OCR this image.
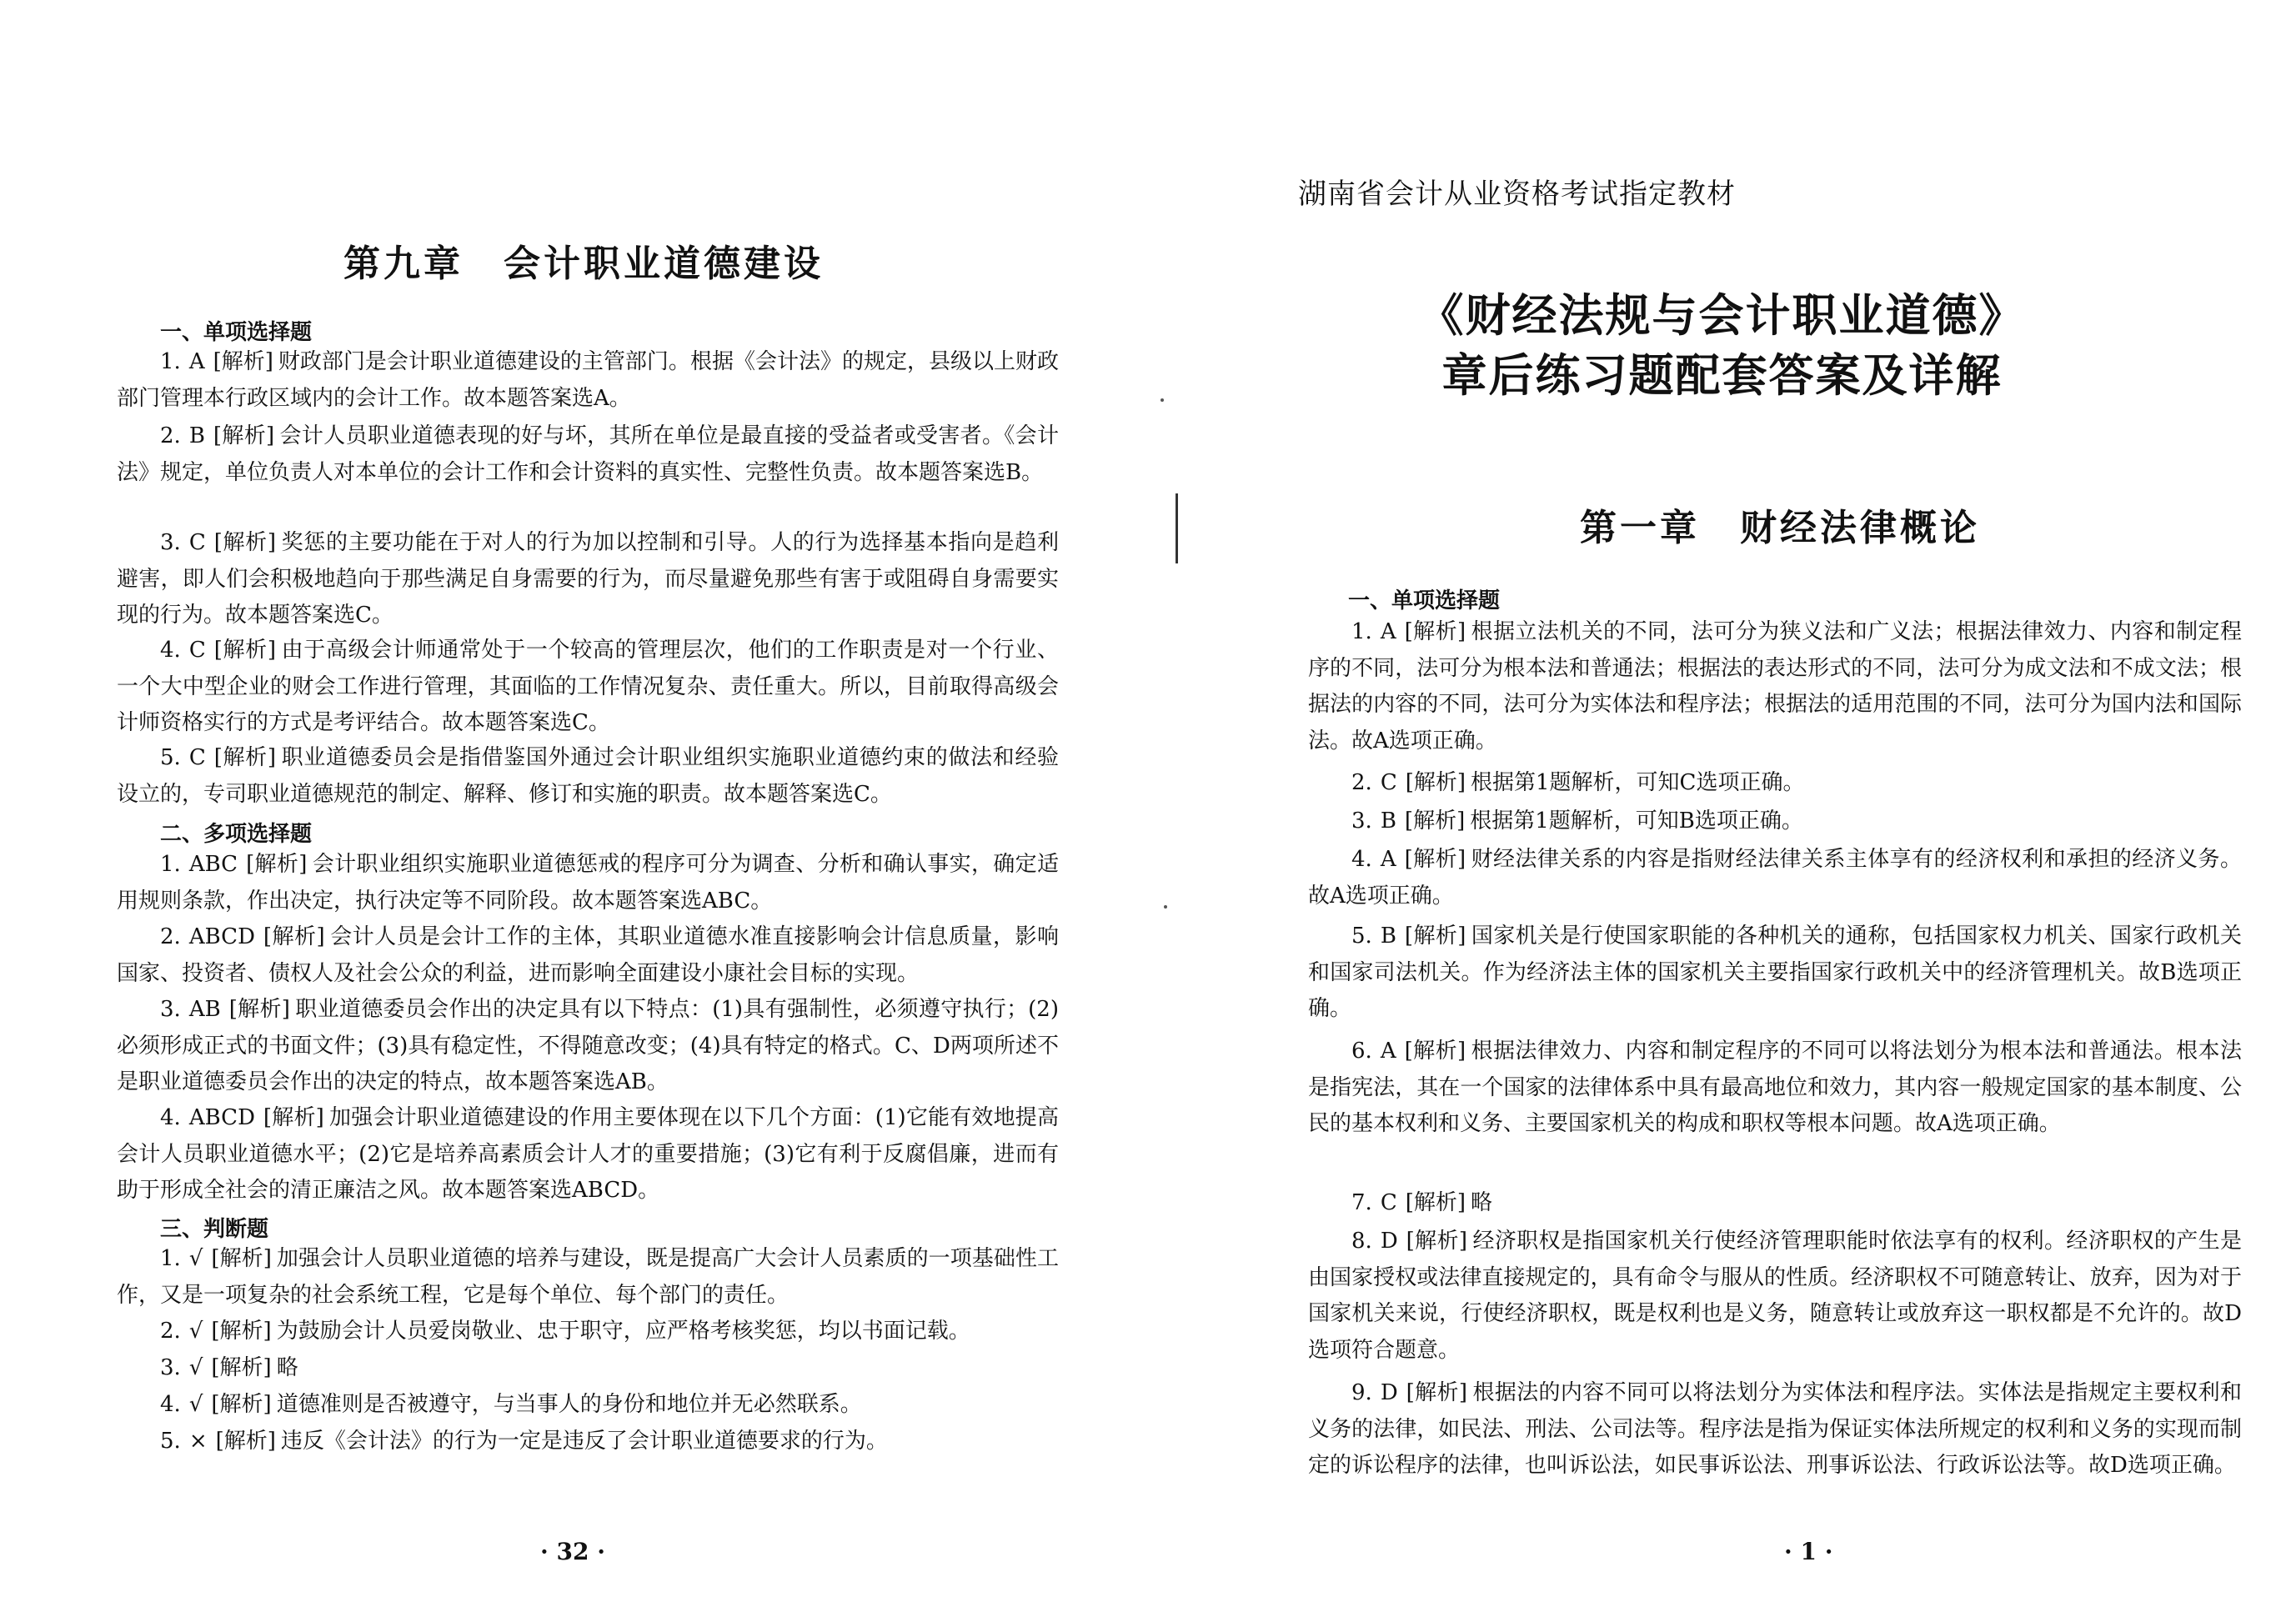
第九章　会计职业道德建设
一、单项选择题
1. A [解析] 财政部门是会计职业道德建设的主管部门。根据《会计法》的规定，县级以上财政部门管理本行政区域内的会计工作。故本题答案选A。
2. B [解析] 会计人员职业道德表现的好与坏，其所在单位是最直接的受益者或受害者。《会计法》规定，单位负责人对本单位的会计工作和会计资料的真实性、完整性负责。故本题答案选B。
3. C [解析] 奖惩的主要功能在于对人的行为加以控制和引导。人的行为选择基本指向是趋利避害，即人们会积极地趋向于那些满足自身需要的行为，而尽量避免那些有害于或阻碍自身需要实现的行为。故本题答案选C。
4. C [解析] 由于高级会计师通常处于一个较高的管理层次，他们的工作职责是对一个行业、一个大中型企业的财会工作进行管理，其面临的工作情况复杂、责任重大。所以，目前取得高级会计师资格实行的方式是考评结合。故本题答案选C。
5. C [解析] 职业道德委员会是指借鉴国外通过会计职业组织实施职业道德约束的做法和经验设立的，专司职业道德规范的制定、解释、修订和实施的职责。故本题答案选C。
二、多项选择题
1. ABC [解析] 会计职业组织实施职业道德惩戒的程序可分为调查、分析和确认事实，确定适用规则条款，作出决定，执行决定等不同阶段。故本题答案选ABC。
2. ABCD [解析] 会计人员是会计工作的主体，其职业道德水准直接影响会计信息质量，影响国家、投资者、债权人及社会公众的利益，进而影响全面建设小康社会目标的实现。
3. AB [解析] 职业道德委员会作出的决定具有以下特点：(1)具有强制性，必须遵守执行；(2)必须形成正式的书面文件；(3)具有稳定性，不得随意改变；(4)具有特定的格式。C、D两项所述不是职业道德委员会作出的决定的特点，故本题答案选AB。
4. ABCD [解析] 加强会计职业道德建设的作用主要体现在以下几个方面：(1)它能有效地提高会计人员职业道德水平；(2)它是培养高素质会计人才的重要措施；(3)它有利于反腐倡廉，进而有助于形成全社会的清正廉洁之风。故本题答案选ABCD。
三、判断题
1. √ [解析] 加强会计人员职业道德的培养与建设，既是提高广大会计人员素质的一项基础性工作，又是一项复杂的社会系统工程，它是每个单位、每个部门的责任。
2. √ [解析] 为鼓励会计人员爱岗敬业、忠于职守，应严格考核奖惩，均以书面记载。
3. √ [解析] 略
4. √ [解析] 道德准则是否被遵守，与当事人的身份和地位并无必然联系。
5. × [解析] 违反《会计法》的行为一定是违反了会计职业道德要求的行为。
· 32 ·
湖南省会计从业资格考试指定教材
《财经法规与会计职业道德》
章后练习题配套答案及详解
第一章　财经法律概论
一、单项选择题
1. A [解析] 根据立法机关的不同，法可分为狭义法和广义法；根据法律效力、内容和制定程序的不同，法可分为根本法和普通法；根据法的表达形式的不同，法可分为成文法和不成文法；根据法的内容的不同，法可分为实体法和程序法；根据法的适用范围的不同，法可分为国内法和国际法。故A选项正确。
2. C [解析] 根据第1题解析，可知C选项正确。
3. B [解析] 根据第1题解析，可知B选项正确。
4. A [解析] 财经法律关系的内容是指财经法律关系主体享有的经济权利和承担的经济义务。故A选项正确。
5. B [解析] 国家机关是行使国家职能的各种机关的通称，包括国家权力机关、国家行政机关和国家司法机关。作为经济法主体的国家机关主要指国家行政机关中的经济管理机关。故B选项正确。
6. A [解析] 根据法律效力、内容和制定程序的不同可以将法划分为根本法和普通法。根本法是指宪法，其在一个国家的法律体系中具有最高地位和效力，其内容一般规定国家的基本制度、公民的基本权利和义务、主要国家机关的构成和职权等根本问题。故A选项正确。
7. C [解析] 略
8. D [解析] 经济职权是指国家机关行使经济管理职能时依法享有的权利。经济职权的产生是由国家授权或法律直接规定的，具有命令与服从的性质。经济职权不可随意转让、放弃，因为对于国家机关来说，行使经济职权，既是权利也是义务，随意转让或放弃这一职权都是不允许的。故D选项符合题意。
9. D [解析] 根据法的内容不同可以将法划分为实体法和程序法。实体法是指规定主要权利和义务的法律，如民法、刑法、公司法等。程序法是指为保证实体法所规定的权利和义务的实现而制定的诉讼程序的法律，也叫诉讼法，如民事诉讼法、刑事诉讼法、行政诉讼法等。故D选项正确。
· 1 ·
